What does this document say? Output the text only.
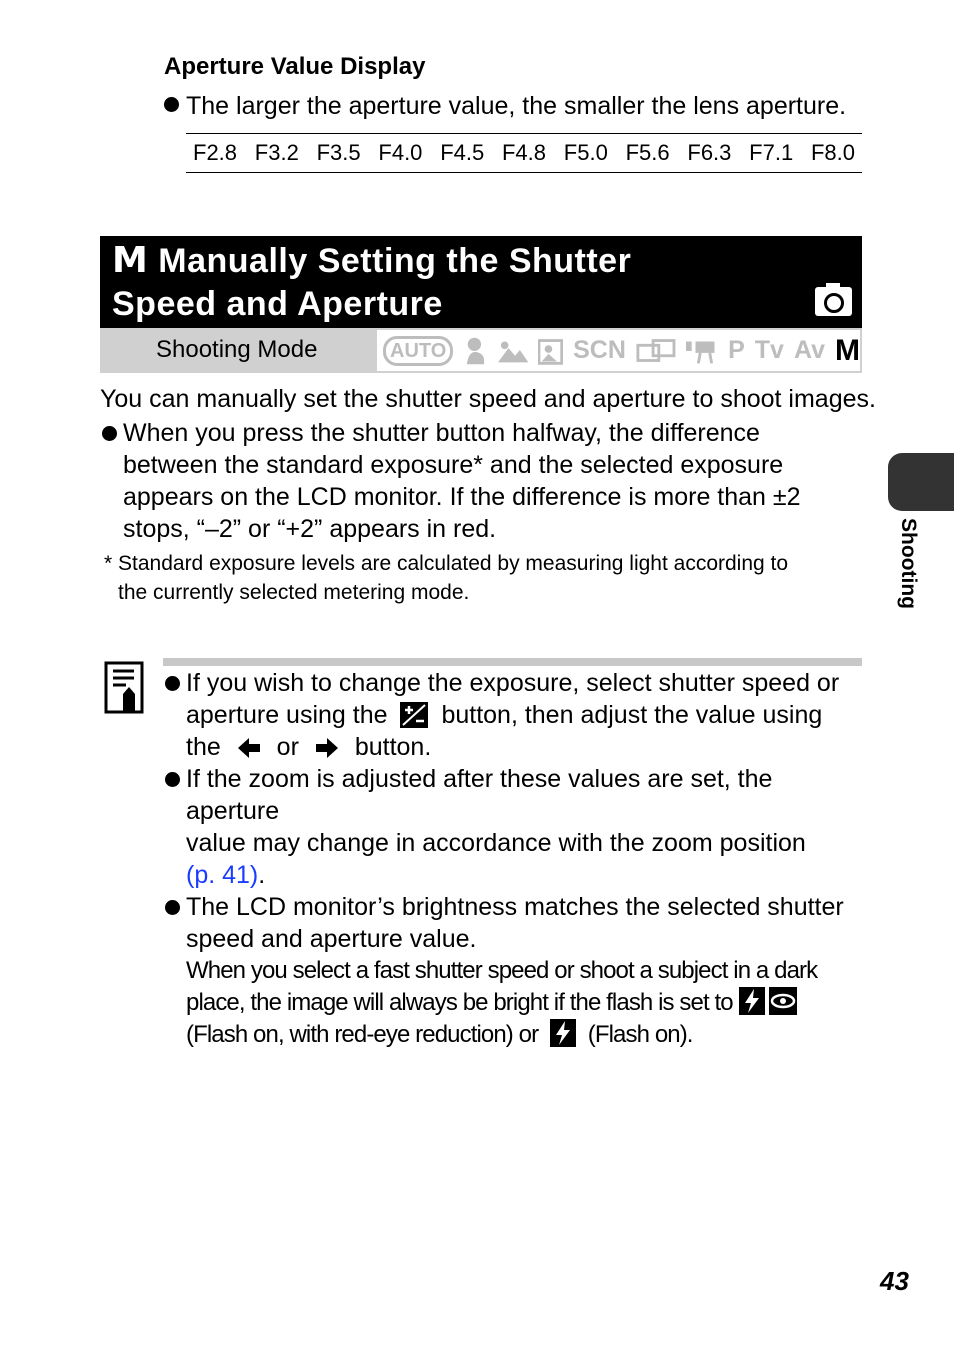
Aperture Value Display
The larger the aperture value, the smaller the lens aperture.
F2.8 F3.2 F3.5 F4.0 F4.5 F4.8 F5.0 F5.6 F6.3 F7.1 F8.0
M Manually Setting the Shutter
Speed and Aperture
Shooting Mode	AUTO	SCN	P Tv Av M
You can manually set the shutter speed and aperture to shoot images.
When you press the shutter button halfway, the difference
between the standard exposure* and the selected exposure
appears on the LCD monitor. If the difference is more than ±2
stops, “–2” or “+2” appears in red.
* Standard exposure levels are calculated by measuring light according to
the currently selected metering mode.
If you wish to change the exposure, select shutter speed or
aperture using the button, then adjust the value using
the or button.
If the zoom is adjusted after these values are set, the aperture
value may change in accordance with the zoom position
(p. 41).
The LCD monitor’s brightness matches the selected shutter
speed and aperture value.
When you select a fast shutter speed or shoot a subject in a dark
place, the image will always be bright if the flash is set to
(Flash on, with red-eye reduction) or (Flash on).
Shooting
43
